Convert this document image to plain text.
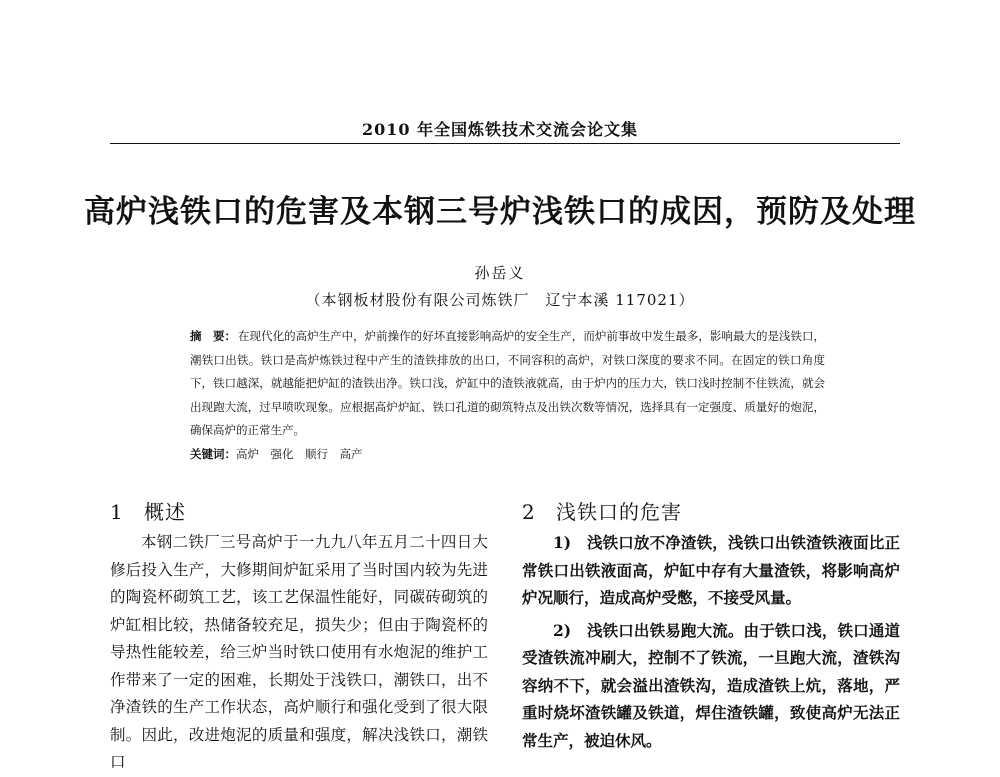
2010 年全国炼铁技术交流会论文集
高炉浅铁口的危害及本钢三号炉浅铁口的成因，预防及处理
孙岳义
（本钢板材股份有限公司炼铁厂　辽宁本溪 117021）
摘　要： 在现代化的高炉生产中，炉前操作的好坏直接影响高炉的安全生产，而炉前事故中发生最多，影响最大的是浅铁口，潮铁口出铁。铁口是高炉炼铁过程中产生的渣铁排放的出口，不同容积的高炉，对铁口深度的要求不同。在固定的铁口角度下，铁口越深，就越能把炉缸的渣铁出净。铁口浅，炉缸中的渣铁液就高，由于炉内的压力大，铁口浅时控制不住铁流，就会出现跑大流，过早喷吹现象。应根据高炉炉缸、铁口孔道的砌筑特点及出铁次数等情况，选择具有一定强度、质量好的炮泥，确保高炉的正常生产。
关键词：高炉　强化　顺行　高产
1 概述

本钢二铁厂三号高炉于一九九八年五月二十四日大修后投入生产，大修期间炉缸采用了当时国内较为先进的陶瓷杯砌筑工艺，该工艺保温性能好，同碳砖砌筑的炉缸相比较，热储备较充足，损失少；但由于陶瓷杯的导热性能较差，给三炉当时铁口使用有水炮泥的维护工作带来了一定的困难，长期处于浅铁口，潮铁口，出不净渣铁的生产工作状态，高炉顺行和强化受到了很大限制。因此，改进炮泥的质量和强度，解决浅铁口，潮铁口

2 浅铁口的危害

1)　浅铁口放不净渣铁，浅铁口出铁渣铁液面比正常铁口出铁液面高，炉缸中存有大量渣铁，将影响高炉炉况顺行，造成高炉受憋，不接受风量。

2)　浅铁口出铁易跑大流。由于铁口浅，铁口通道受渣铁流冲刷大，控制不了铁流，一旦跑大流，渣铁沟容纳不下，就会溢出渣铁沟，造成渣铁上炕，落地，严重时烧坏渣铁罐及铁道，焊住渣铁罐，致使高炉无法正常生产，被迫休风。
